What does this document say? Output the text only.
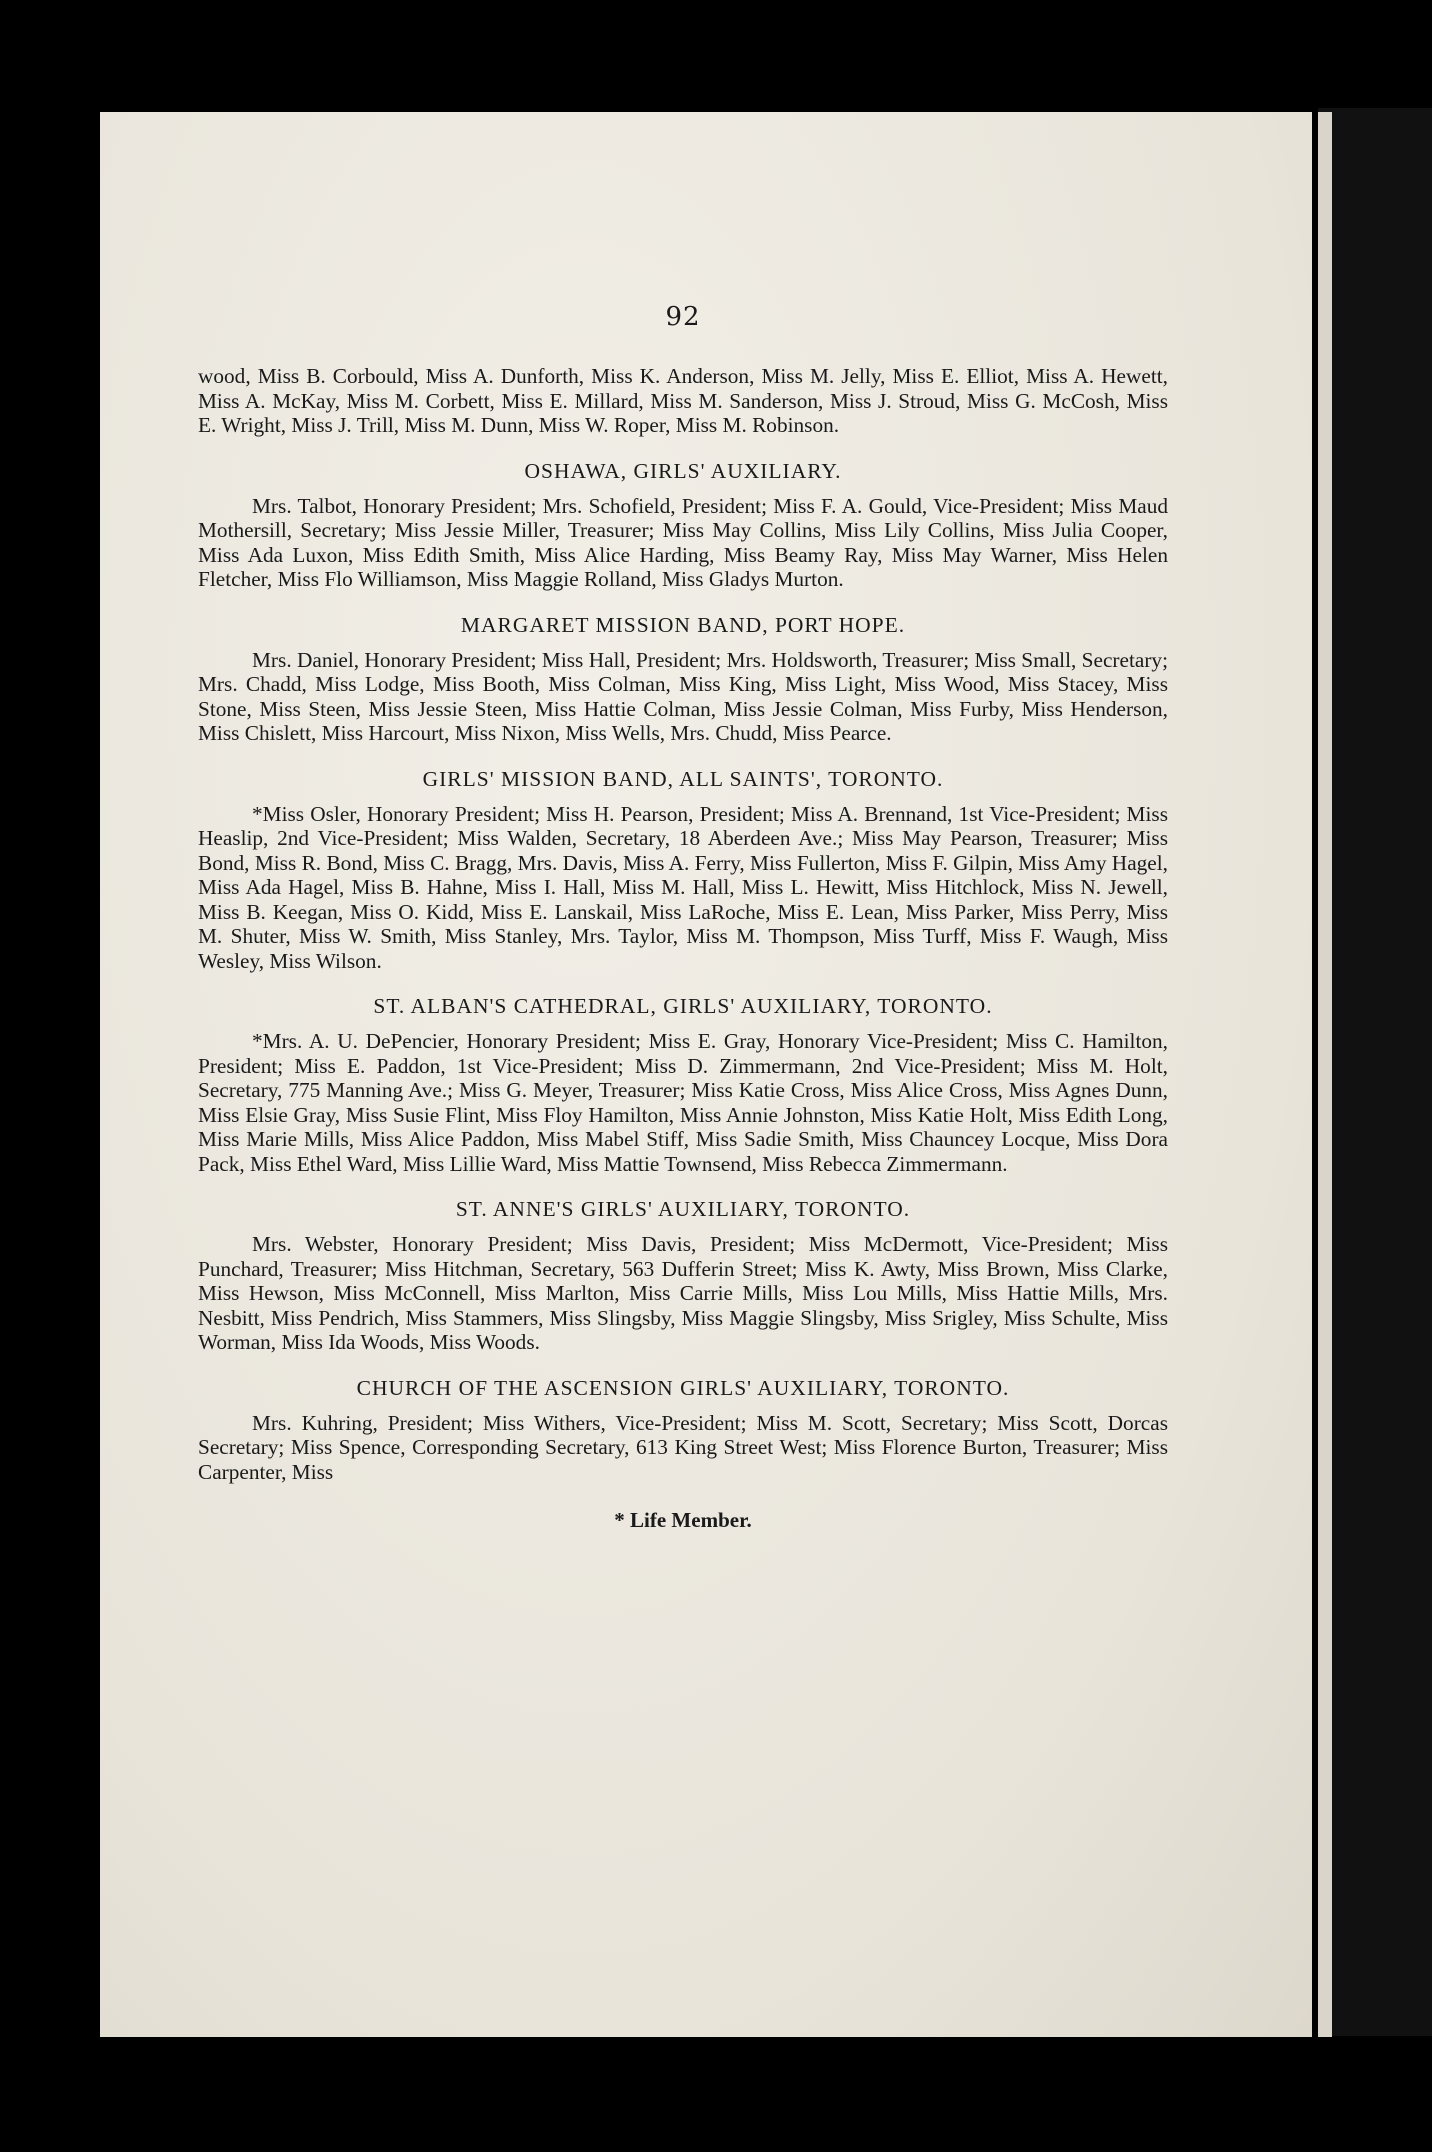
92

wood, Miss B. Corbould, Miss A. Dunforth, Miss K. Anderson, Miss M. Jelly, Miss E. Elliot, Miss A. Hewett, Miss A. McKay, Miss M. Corbett, Miss E. Millard, Miss M. Sanderson, Miss J. Stroud, Miss G. McCosh, Miss E. Wright, Miss J. Trill, Miss M. Dunn, Miss W. Roper, Miss M. Robinson.

OSHAWA, GIRLS' AUXILIARY.

Mrs. Talbot, Honorary President; Mrs. Schofield, President; Miss F. A. Gould, Vice-President; Miss Maud Mothersill, Secretary; Miss Jessie Miller, Treasurer; Miss May Collins, Miss Lily Collins, Miss Julia Cooper, Miss Ada Luxon, Miss Edith Smith, Miss Alice Harding, Miss Beamy Ray, Miss May Warner, Miss Helen Fletcher, Miss Flo Williamson, Miss Maggie Rolland, Miss Gladys Murton.

MARGARET MISSION BAND, PORT HOPE.

Mrs. Daniel, Honorary President; Miss Hall, President; Mrs. Holdsworth, Treasurer; Miss Small, Secretary; Mrs. Chadd, Miss Lodge, Miss Booth, Miss Colman, Miss King, Miss Light, Miss Wood, Miss Stacey, Miss Stone, Miss Steen, Miss Jessie Steen, Miss Hattie Colman, Miss Jessie Colman, Miss Furby, Miss Henderson, Miss Chislett, Miss Harcourt, Miss Nixon, Miss Wells, Mrs. Chudd, Miss Pearce.

GIRLS' MISSION BAND, ALL SAINTS', TORONTO.

*Miss Osler, Honorary President; Miss H. Pearson, President; Miss A. Brennand, 1st Vice-President; Miss Heaslip, 2nd Vice-President; Miss Walden, Secretary, 18 Aberdeen Ave.; Miss May Pearson, Treasurer; Miss Bond, Miss R. Bond, Miss C. Bragg, Mrs. Davis, Miss A. Ferry, Miss Fullerton, Miss F. Gilpin, Miss Amy Hagel, Miss Ada Hagel, Miss B. Hahne, Miss I. Hall, Miss M. Hall, Miss L. Hewitt, Miss Hitchlock, Miss N. Jewell, Miss B. Keegan, Miss O. Kidd, Miss E. Lanskail, Miss LaRoche, Miss E. Lean, Miss Parker, Miss Perry, Miss M. Shuter, Miss W. Smith, Miss Stanley, Mrs. Taylor, Miss M. Thompson, Miss Turff, Miss F. Waugh, Miss Wesley, Miss Wilson.

ST. ALBAN'S CATHEDRAL, GIRLS' AUXILIARY, TORONTO.

*Mrs. A. U. DePencier, Honorary President; Miss E. Gray, Honorary Vice-President; Miss C. Hamilton, President; Miss E. Paddon, 1st Vice-President; Miss D. Zimmermann, 2nd Vice-President; Miss M. Holt, Secretary, 775 Manning Ave.; Miss G. Meyer, Treasurer; Miss Katie Cross, Miss Alice Cross, Miss Agnes Dunn, Miss Elsie Gray, Miss Susie Flint, Miss Floy Hamilton, Miss Annie Johnston, Miss Katie Holt, Miss Edith Long, Miss Marie Mills, Miss Alice Paddon, Miss Mabel Stiff, Miss Sadie Smith, Miss Chauncey Locque, Miss Dora Pack, Miss Ethel Ward, Miss Lillie Ward, Miss Mattie Townsend, Miss Rebecca Zimmermann.

ST. ANNE'S GIRLS' AUXILIARY, TORONTO.

Mrs. Webster, Honorary President; Miss Davis, President; Miss McDermott, Vice-President; Miss Punchard, Treasurer; Miss Hitchman, Secretary, 563 Dufferin Street; Miss K. Awty, Miss Brown, Miss Clarke, Miss Hewson, Miss McConnell, Miss Marlton, Miss Carrie Mills, Miss Lou Mills, Miss Hattie Mills, Mrs. Nesbitt, Miss Pendrich, Miss Stammers, Miss Slingsby, Miss Maggie Slingsby, Miss Srigley, Miss Schulte, Miss Worman, Miss Ida Woods, Miss Woods.

CHURCH OF THE ASCENSION GIRLS' AUXILIARY, TORONTO.

Mrs. Kuhring, President; Miss Withers, Vice-President; Miss M. Scott, Secretary; Miss Scott, Dorcas Secretary; Miss Spence, Corresponding Secretary, 613 King Street West; Miss Florence Burton, Treasurer; Miss Carpenter, Miss

* Life Member.
